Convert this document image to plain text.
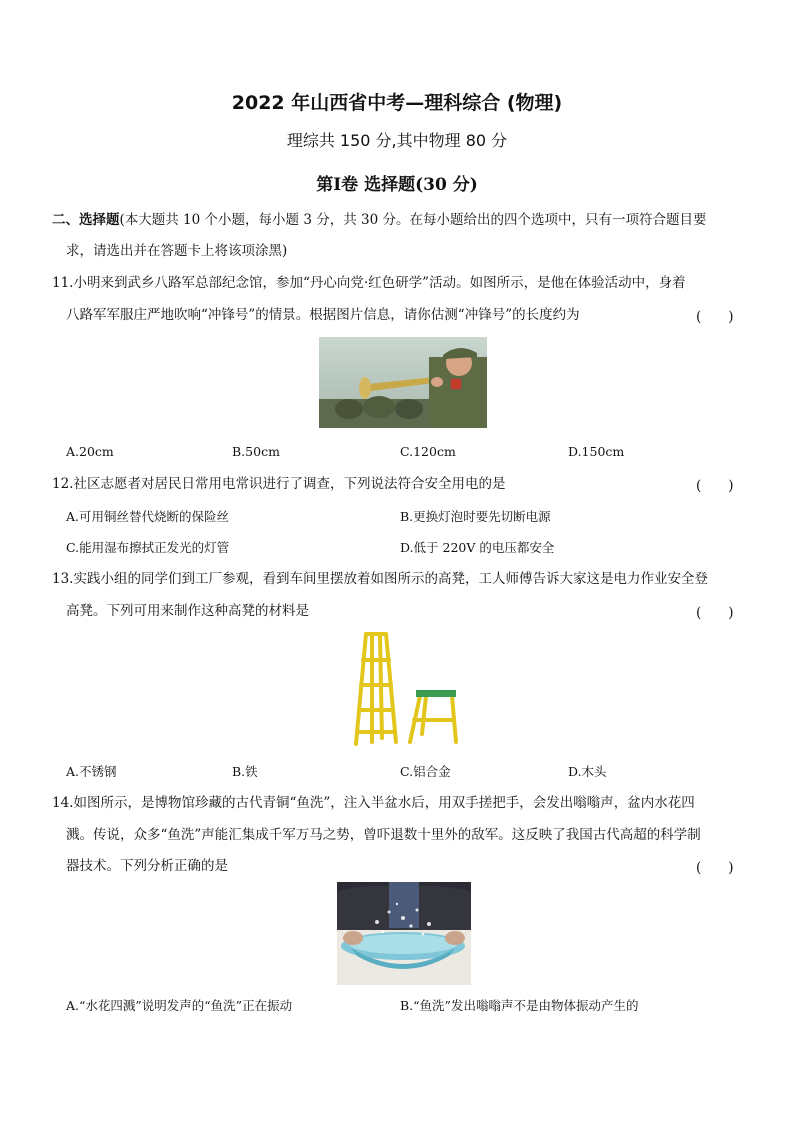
2022 年山西省中考—理科综合 (物理)
理综共 150 分,其中物理 80 分
第Ⅰ卷 选择题(30 分)
二、选择题(本大题共 10 个小题，每小题 3 分，共 30 分。在每小题给出的四个选项中，只有一项符合题目要
求，请选出并在答题卡上将该项涂黑)
11.小明来到武乡八路军总部纪念馆，参加“丹心向党·红色研学”活动。如图所示，是他在体验活动中，身着
八路军军服庄严地吹响“冲锋号”的情景。根据图片信息，请你估测“冲锋号”的长度约为	(　　)
A.20cm	B.50cm	C.120cm	D.150cm
12.社区志愿者对居民日常用电常识进行了调查，下列说法符合安全用电的是	(　　)
A.可用铜丝替代烧断的保险丝	B.更换灯泡时要先切断电源
C.能用湿布擦拭正发光的灯管	D.低于 220V 的电压都安全
13.实践小组的同学们到工厂参观，看到车间里摆放着如图所示的高凳，工人师傅告诉大家这是电力作业安全登
高凳。下列可用来制作这种高凳的材料是	(　　)
A.不锈钢	B.铁	C.铝合金	D.木头
14.如图所示，是博物馆珍藏的古代青铜“鱼洗”，注入半盆水后，用双手搓把手，会发出嗡嗡声，盆内水花四
溅。传说，众多“鱼洗”声能汇集成千军万马之势，曾吓退数十里外的敌军。这反映了我国古代高超的科学制
器技术。下列分析正确的是	(　　)
A.“水花四溅”说明发声的“鱼洗”正在振动	B.“鱼洗”发出嗡嗡声不是由物体振动产生的
